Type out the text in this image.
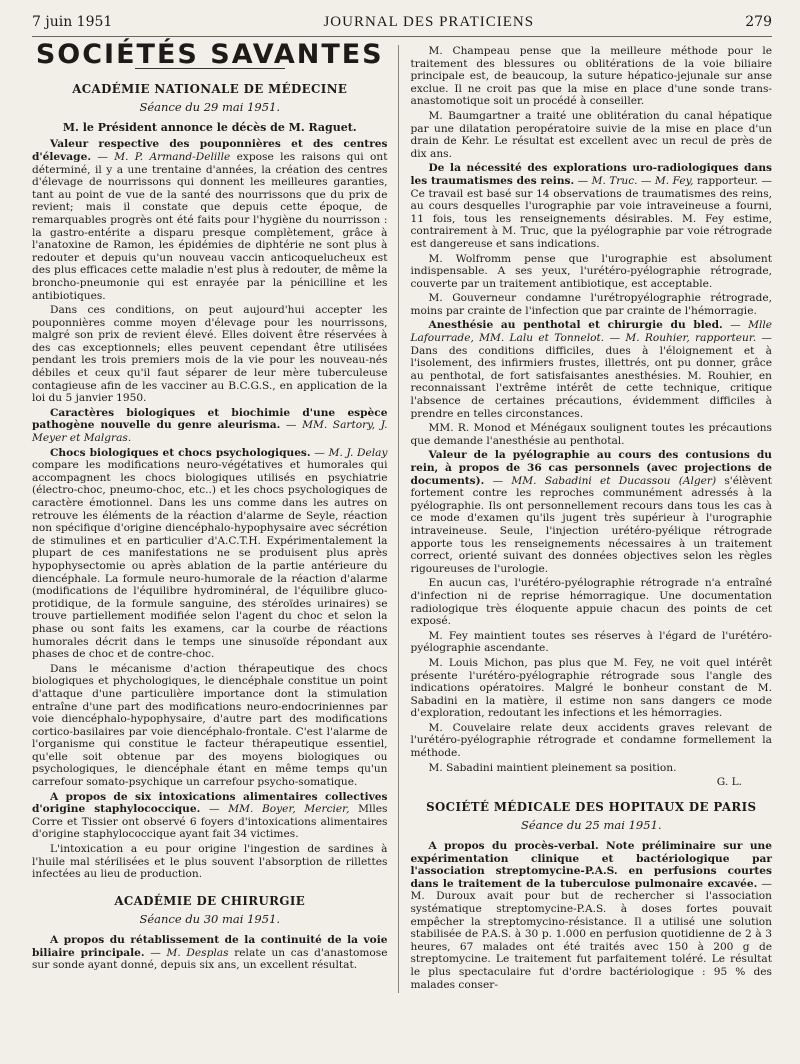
7 juin 1951	JOURNAL DES PRATICIENS	279
SOCIÉTÉS SAVANTES
ACADÉMIE NATIONALE DE MÉDECINE
Séance du 29 mai 1951.
M. le Président annonce le décès de M. Raguet.

Valeur respective des pouponnières et des centres d'élevage. — M. P. Armand-Delille expose les raisons qui ont déterminé, il y a une trentaine d'années, la création des centres d'élevage de nourrissons qui donnent les meilleures garanties, tant au point de vue de la santé des nourrissons que du prix de revient; mais il constate que depuis cette époque, de remarquables progrès ont été faits pour l'hygiène du nourrisson : la gastro-entérite a disparu presque complètement, grâce à l'anatoxine de Ramon, les épidémies de diphtérie ne sont plus à redouter et depuis qu'un nouveau vaccin anticoquelucheux est des plus efficaces cette maladie n'est plus à redouter, de même la broncho-pneumonie qui est enrayée par la pénicilline et les antibiotiques.

Dans ces conditions, on peut aujourd'hui accepter les pouponnières comme moyen d'élevage pour les nourrissons, malgré son prix de revient élevé. Elles doivent être réservées à des cas exceptionnels; elles peuvent cependant être utilisées pendant les trois premiers mois de la vie pour les nouveau-nés débiles et ceux qu'il faut séparer de leur mère tuberculeuse contagieuse afin de les vacciner au B.C.G.S., en application de la loi du 5 janvier 1950.

Caractères biologiques et biochimie d'une espèce pathogène nouvelle du genre aleurisma. — MM. Sartory, J. Meyer et Malgras.

Chocs biologiques et chocs psychologiques. — M. J. Delay compare les modifications neuro-végétatives et humorales qui accompagnent les chocs biologiques utilisés en psychiatrie (électro-choc, pneumo-choc, etc..) et les chocs psychologiques de caractère émotionnel. Dans les uns comme dans les autres on retrouve les éléments de la réaction d'alarme de Seyle, réaction non spécifique d'origine diencéphalo-hypophysaire avec sécrétion de stimulines et en particulier d'A.C.T.H. Expérimentalement la plupart de ces manifestations ne se produisent plus après hypophysectomie ou après ablation de la partie antérieure du diencéphale. La formule neuro-humorale de la réaction d'alarme (modifications de l'équilibre hydrominéral, de l'équilibre gluco-protidique, de la formule sanguine, des stéroïdes urinaires) se trouve partiellement modifiée selon l'agent du choc et selon la phase ou sont faits les examens, car la courbe de réactions humorales décrit dans le temps une sinusoïde répondant aux phases de choc et de contre-choc.

Dans le mécanisme d'action thérapeutique des chocs biologiques et phychologiques, le diencéphale constitue un point d'attaque d'une particulière importance dont la stimulation entraîne d'une part des modifications neuro-endocriniennes par voie diencéphalo-hypophysaire, d'autre part des modifications cortico-basilaires par voie diencéphalo-frontale. C'est l'alarme de l'organisme qui constitue le facteur thérapeutique essentiel, qu'elle soit obtenue par des moyens biologiques ou psychologiques, le diencéphale étant en même temps qu'un carrefour somato-psychique un carrefour psycho-somatique.

A propos de six intoxications alimentaires collectives d'origine staphylococcique. — MM. Boyer, Mercier, Mlles Corre et Tissier ont observé 6 foyers d'intoxications alimentaires d'origine staphylococcique ayant fait 34 victimes.

L'intoxication a eu pour origine l'ingestion de sardines à l'huile mal stérilisées et le plus souvent l'absorption de rillettes infectées au lieu de production.

ACADÉMIE DE CHIRURGIE
Séance du 30 mai 1951.

A propos du rétablissement de la continuité de la voie biliaire principale. — M. Desplas relate un cas d'anastomose sur sonde ayant donné, depuis six ans, un excellent résultat.

M. Champeau pense que la meilleure méthode pour le traitement des blessures ou oblitérations de la voie biliaire principale est, de beaucoup, la suture hépatico-jejunale sur anse exclue. Il ne croit pas que la mise en place d'une sonde trans-anastomotique soit un procédé à conseiller.

M. Baumgartner a traité une oblitération du canal hépatique par une dilatation peropératoire suivie de la mise en place d'un drain de Kehr. Le résultat est excellent avec un recul de près de dix ans.

De la nécessité des explorations uro-radiologiques dans les traumatismes des reins. — M. Truc. — M. Fey, rapporteur. — Ce travail est basé sur 14 observations de traumatismes des reins, au cours desquelles l'urographie par voie intraveineuse a fourni, 11 fois, tous les renseignements désirables. M. Fey estime, contrairement à M. Truc, que la pyélographie par voie rétrograde est dangereuse et sans indications.

M. Wolfromm pense que l'urographie est absolument indispensable. A ses yeux, l'urétéro-pyélographie rétrograde, couverte par un traitement antibiotique, est acceptable.

M. Gouverneur condamne l'urétropyélographie rétrograde, moins par crainte de l'infection que par crainte de l'hémorragie.

Anesthésie au penthotal et chirurgie du bled. — Mlle Lafourrade, MM. Lalu et Tonnelot. — M. Rouhier, rapporteur. — Dans des conditions difficiles, dues à l'éloignement et à l'isolement, des infirmiers frustes, illettrés, ont pu donner, grâce au penthotal, de fort satisfaisantes anesthésies. M. Rouhier, en reconnaissant l'extrême intérêt de cette technique, critique l'absence de certaines précautions, évidemment difficiles à prendre en telles circonstances.

MM. R. Monod et Ménégaux soulignent toutes les précautions que demande l'anesthésie au penthotal.

Valeur de la pyélographie au cours des contusions du rein, à propos de 36 cas personnels (avec projections de documents). — MM. Sabadini et Ducassou (Alger) s'élèvent fortement contre les reproches communément adressés à la pyélographie. Ils ont personnellement recours dans tous les cas à ce mode d'examen qu'ils jugent très supérieur à l'urographie intraveineuse. Seule, l'injection urétéro-pyélique rétrograde apporte tous les renseignements nécessaires à un traitement correct, orienté suivant des données objectives selon les règles rigoureuses de l'urologie.

En aucun cas, l'urétéro-pyélographie rétrograde n'a entraîné d'infection ni de reprise hémorragique. Une documentation radiologique très éloquente appuie chacun des points de cet exposé.

M. Fey maintient toutes ses réserves à l'égard de l'urétéro-pyélographie ascendante.

M. Louis Michon, pas plus que M. Fey, ne voit quel intérêt présente l'urétéro-pyélographie rétrograde sous l'angle des indications opératoires. Malgré le bonheur constant de M. Sabadini en la matière, il estime non sans dangers ce mode d'exploration, redoutant les infections et les hémorragies.

M. Couvelaire relate deux accidents graves relevant de l'urétéro-pyélographie rétrograde et condamne formellement la méthode.

M. Sabadini maintient pleinement sa position.

G. L.
SOCIÉTÉ MÉDICALE DES HOPITAUX DE PARIS
Séance du 25 mai 1951.

A propos du procès-verbal. Note préliminaire sur une expérimentation clinique et bactériologique par l'association streptomycine-P.A.S. en perfusions courtes dans le traitement de la tuberculose pulmonaire excavée. — M. Duroux avait pour but de rechercher si l'association systématique streptomycine-P.A.S. à doses fortes pouvait empêcher la streptomycino-résistance. Il a utilisé une solution stabilisée de P.A.S. à 30 p. 1.000 en perfusion quotidienne de 2 à 3 heures, 67 malades ont été traités avec 150 à 200 g de streptomycine. Le traitement fut parfaitement toléré. Le résultat le plus spectaculaire fut d'ordre bactériologique : 95 % des malades conser-
